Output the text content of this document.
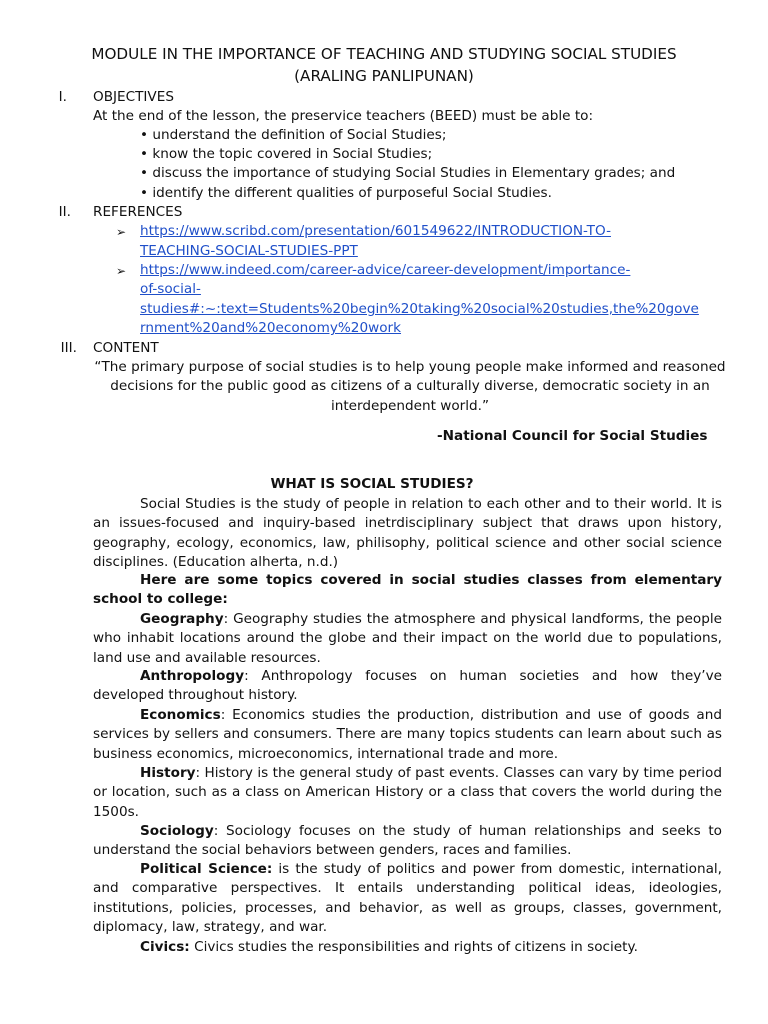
MODULE IN THE IMPORTANCE OF TEACHING AND STUDYING SOCIAL STUDIES
(ARALING PANLIPUNAN)
I. OBJECTIVES
At the end of the lesson, the preservice teachers (BEED) must be able to:
• understand the definition of Social Studies;
• know the topic covered in Social Studies;
• discuss the importance of studying Social Studies in Elementary grades; and
• identify the different qualities of purposeful Social Studies.
II. REFERENCES
➢ https://www.scribd.com/presentation/601549622/INTRODUCTION-TO-
TEACHING-SOCIAL-STUDIES-PPT
➢ https://www.indeed.com/career-advice/career-development/importance-
of-social-
studies#:~:text=Students%20begin%20taking%20social%20studies,the%20gove
rnment%20and%20economy%20work
III. CONTENT
“The primary purpose of social studies is to help young people make informed and reasoned decisions for the public good as citizens of a culturally diverse, democratic society in an interdependent world.”
-National Council for Social Studies
WHAT IS SOCIAL STUDIES?
Social Studies is the study of people in relation to each other and to their world. It is an issues-focused and inquiry-based inetrdisciplinary subject that draws upon history, geography, ecology, economics, law, philisophy, political science and other social science disciplines. (Education alherta, n.d.)
Here are some topics covered in social studies classes from elementary school to college:
Geography: Geography studies the atmosphere and physical landforms, the people who inhabit locations around the globe and their impact on the world due to populations, land use and available resources.
Anthropology: Anthropology focuses on human societies and how they’ve developed throughout history.
Economics: Economics studies the production, distribution and use of goods and services by sellers and consumers. There are many topics students can learn about such as business economics, microeconomics, international trade and more.
History: History is the general study of past events. Classes can vary by time period or location, such as a class on American History or a class that covers the world during the 1500s.
Sociology: Sociology focuses on the study of human relationships and seeks to understand the social behaviors between genders, races and families.
Political Science: is the study of politics and power from domestic, international, and comparative perspectives. It entails understanding political ideas, ideologies, institutions, policies, processes, and behavior, as well as groups, classes, government, diplomacy, law, strategy, and war.
Civics: Civics studies the responsibilities and rights of citizens in society.
